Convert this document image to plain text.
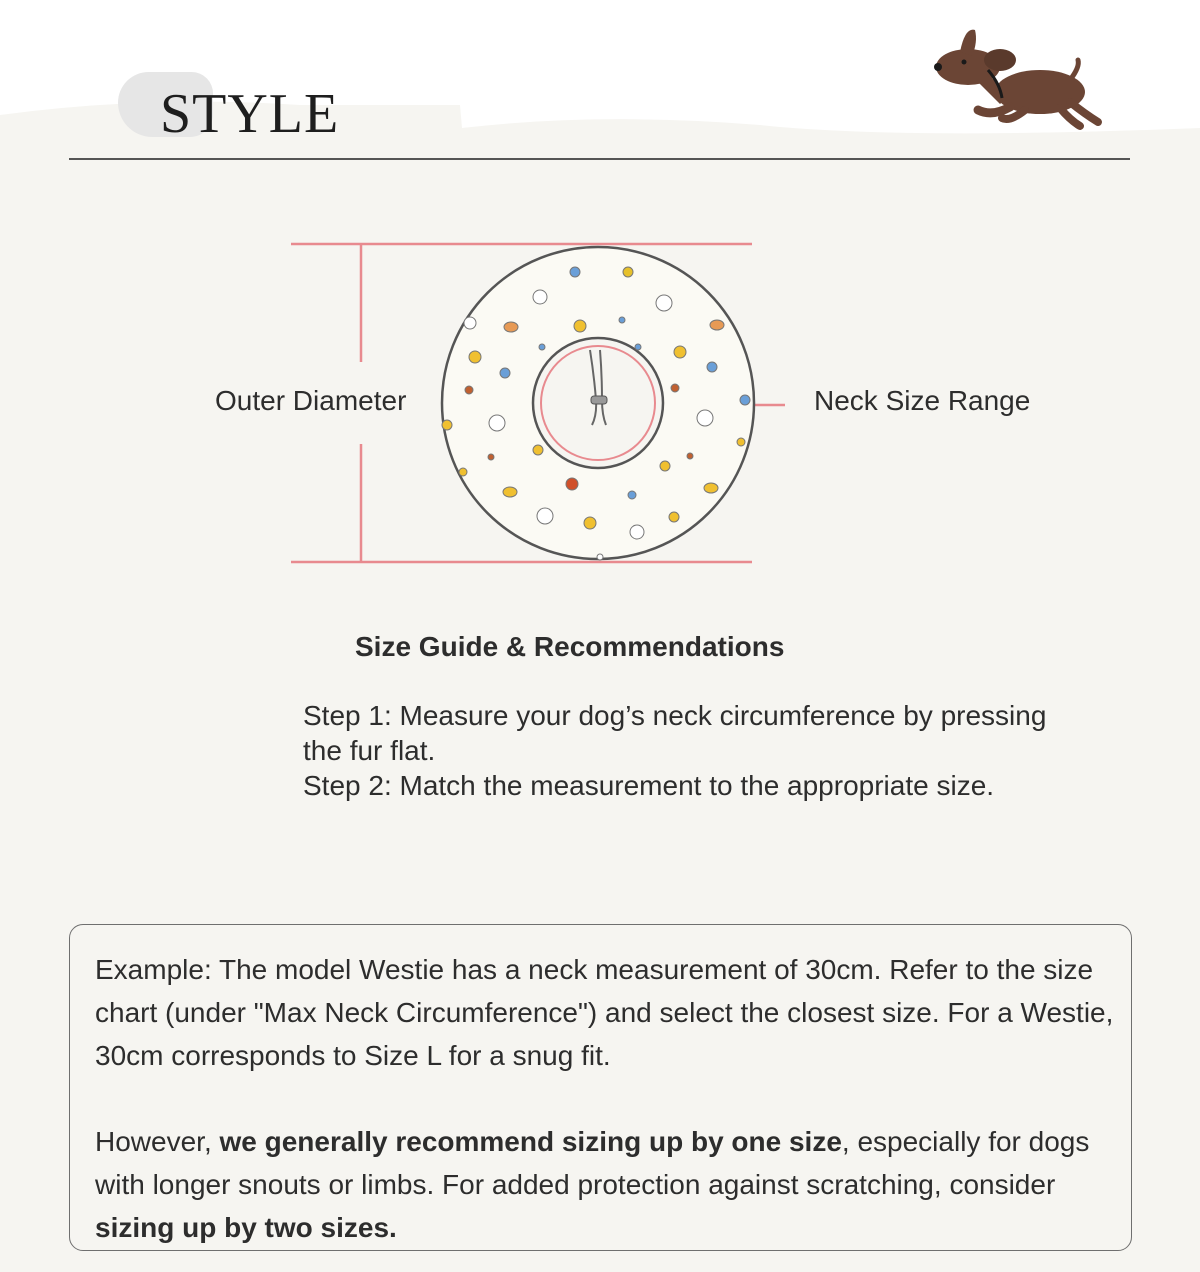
STYLE
Outer Diameter	Neck Size Range
Size Guide & Recommendations

Step 1: Measure your dog’s neck circumference by pressing the fur flat.

Step 2: Match the measurement to the appropriate size.

Example: The model Westie has a neck measurement of 30cm. Refer to the size chart (under "Max Neck Circumference") and select the closest size. For a Westie, 30cm corresponds to Size L for a snug fit.

However, we generally recommend sizing up by one size, especially for dogs with longer snouts or limbs. For added protection against scratching, consider sizing up by two sizes.
